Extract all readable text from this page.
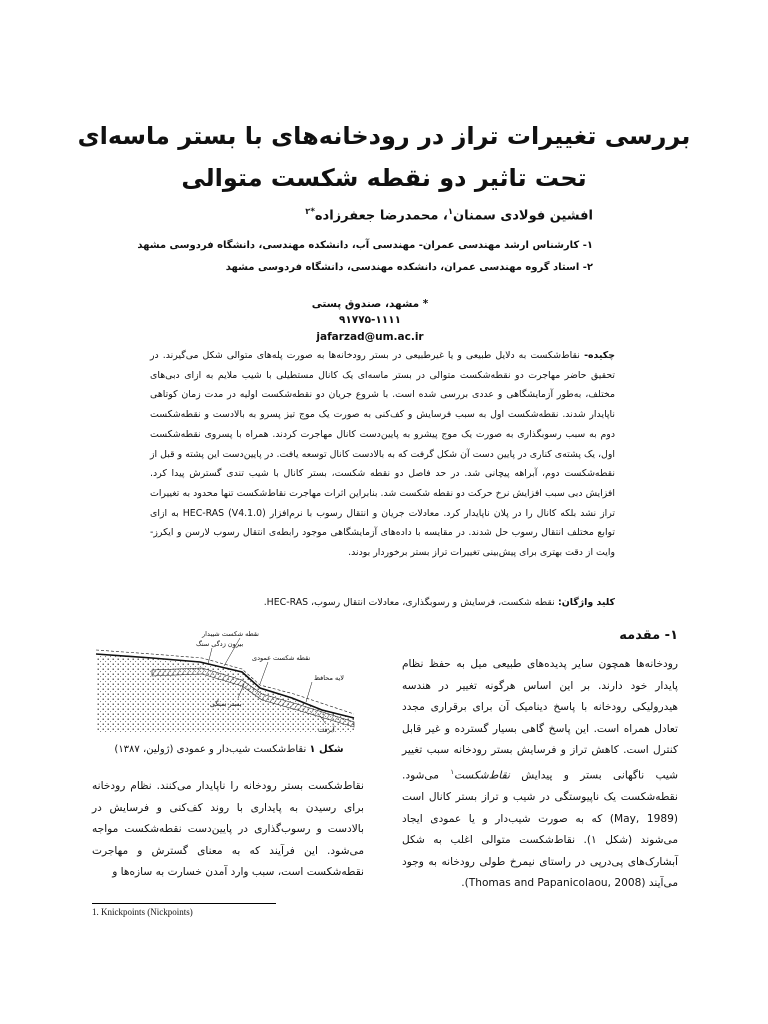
بررسی تغییرات تراز در رودخانه‌های با بستر ماسه‌ای
تحت تاثیر دو نقطه شکست متوالی
افشین فولادی سمنان$^۱$، محمدرضا جعفرزاده$^{*۲}$
۱- کارشناس ارشد مهندسی عمران- مهندسی آب، دانشکده مهندسی، دانشگاه فردوسی مشهد
۲- استاد گروه مهندسی عمران، دانشکده مهندسی، دانشگاه فردوسی مشهد
* مشهد، صندوق پستی ۱۱۱۱-۹۱۷۷۵
jafarzad@um.ac.ir
چکیده- نقاط‌شکست به دلایل طبیعی و یا غیرطبیعی در بستر رودخانه‌ها به صورت پله‌های متوالی شکل می‌گیرند. در تحقیق حاضر مهاجرت دو نقطه‌شکست متوالی در بستر ماسه‌ای یک کانال مستطیلی با شیب ملایم به ازای دبی‌های مختلف، به‌طور آزمایشگاهی و عددی بررسی شده است. با شروع جریان دو نقطه‌شکست اولیه در مدت زمان کوتاهی ناپایدار شدند. نقطه‌شکست اول به سبب فرسایش و کف‌کنی به صورت یک موج تیز پسرو به بالادست و نقطه‌شکست دوم به سبب رسوبگذاری به صورت یک موج پیشرو به پایین‌دست کانال مهاجرت کردند. همراه با پسروی نقطه‌شکست اول، یک پشته‌ی کناری در پایین دست آن شکل گرفت که به بالادست کانال توسعه یافت. در پایین‌دست این پشته و قبل از نقطه‌شکست دوم، آبراهه پیچانی شد. در حد فاصل دو نقطه شکست، بستر کانال با شیب تندی گسترش پیدا کرد. افزایش دبی سبب افزایش نرخ حرکت دو نقطه شکست شد. بنابراین اثرات مهاجرت نقاط‌شکست تنها محدود به تغییرات تراز نشد بلکه کانال را در پلان ناپایدار کرد. معادلات جریان و انتقال رسوب با نرم‌افزار HEC-RAS (V4.1.0) به ازای توابع مختلف انتقال رسوب حل شدند. در مقایسه با داده‌های آزمایشگاهی موجود رابطه‌ی انتقال رسوب لارسن و ایکرز-وایت از دقت بهتری برای پیش‌بینی تغییرات تراز بستر برخوردار بودند.
کلید واژگان: نقطه شکست، فرسایش و رسوبگذاری، معادلات انتقال رسوب، HEC-RAS.
۱- مقدمه
رودخانه‌ها همچون سایر پدیده‌های طبیعی میل به حفظ نظام پایدار خود دارند. بر این اساس هرگونه تغییر در هندسه هیدرولیکی رودخانه با پاسخ دینامیک آن برای برقراری مجدد تعادل همراه است. این پاسخ گاهی بسیار گسترده و غیر قابل کنترل است. کاهش تراز و فرسایش بستر رودخانه سبب تغییر شیب ناگهانی بستر و پیدایش نقاط‌شکست$^۱$ می‌شود. نقطه‌شکست یک ناپیوستگی در شیب و تراز بستر کانال است (May, 1989) که به صورت شیب‌دار و یا عمودی ایجاد می‌شوند (شکل ۱). نقاط‌شکست متوالی اغلب به شکل آبشارک‌های پی‌درپی در راستای نیمرخ طولی رودخانه به وجود می‌آیند (Thomas and Papanicolaou, 2008).
نقطه شکست شیبدار
بیرون زدگی سنگ
نقطه شکست عمودی
لایه محافظ
بستر سنگی
آبرفت
شکل ۱ نقاط‌شکست شیب‌دار و عمودی (ژولین، ۱۳۸۷)
نقاط‌شکست بستر رودخانه را ناپایدار می‌کنند. نظام رودخانه برای رسیدن به پایداری با روند کف‌کنی و فرسایش در بالادست و رسوب‌گذاری در پایین‌دست نقطه‌شکست مواجه می‌شود. این فرآیند که به معنای گسترش و مهاجرت نقطه‌شکست است، سبب وارد آمدن خسارت به سازه‌ها و
1. Knickpoints (Nickpoints)
